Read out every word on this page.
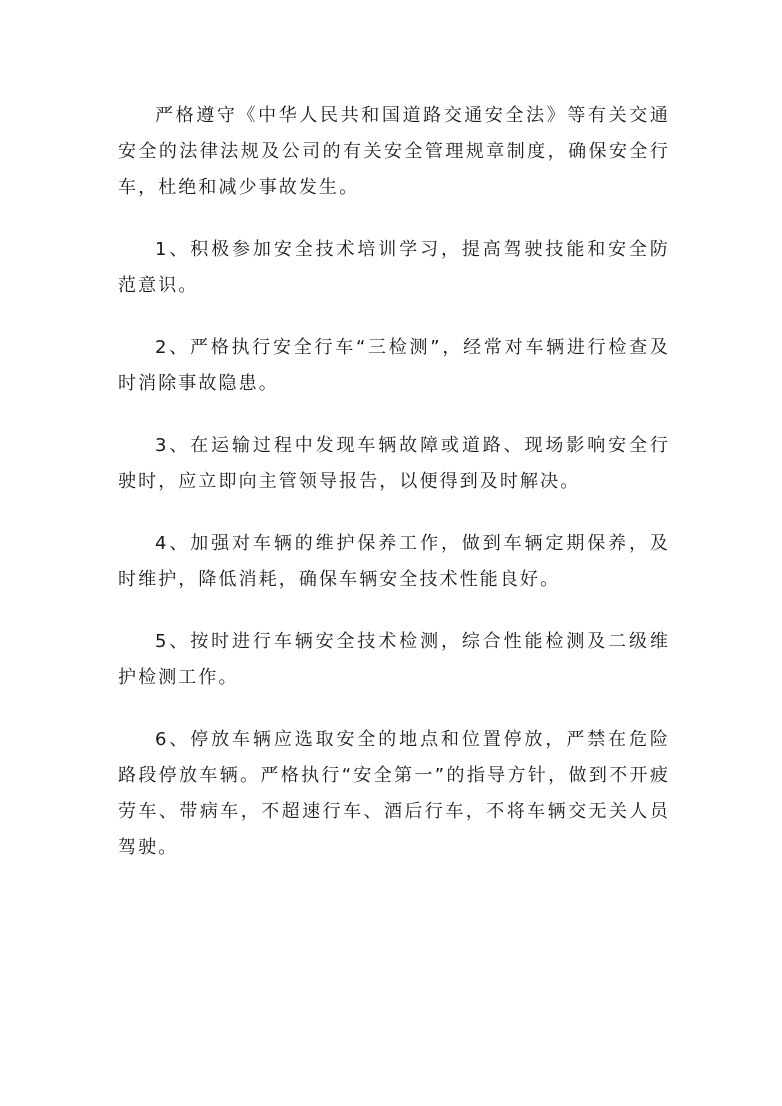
严格遵守《中华人民共和国道路交通安全法》等有关交通安全的法律法规及公司的有关安全管理规章制度，确保安全行车，杜绝和减少事故发生。

1、积极参加安全技术培训学习，提高驾驶技能和安全防范意识。

2、严格执行安全行车“三检测”，经常对车辆进行检查及时消除事故隐患。

3、在运输过程中发现车辆故障或道路、现场影响安全行驶时，应立即向主管领导报告，以便得到及时解决。

4、加强对车辆的维护保养工作，做到车辆定期保养，及时维护，降低消耗，确保车辆安全技术性能良好。

5、按时进行车辆安全技术检测，综合性能检测及二级维护检测工作。

6、停放车辆应选取安全的地点和位置停放，严禁在危险路段停放车辆。严格执行“安全第一”的指导方针，做到不开疲劳车、带病车，不超速行车、酒后行车，不将车辆交无关人员驾驶。
